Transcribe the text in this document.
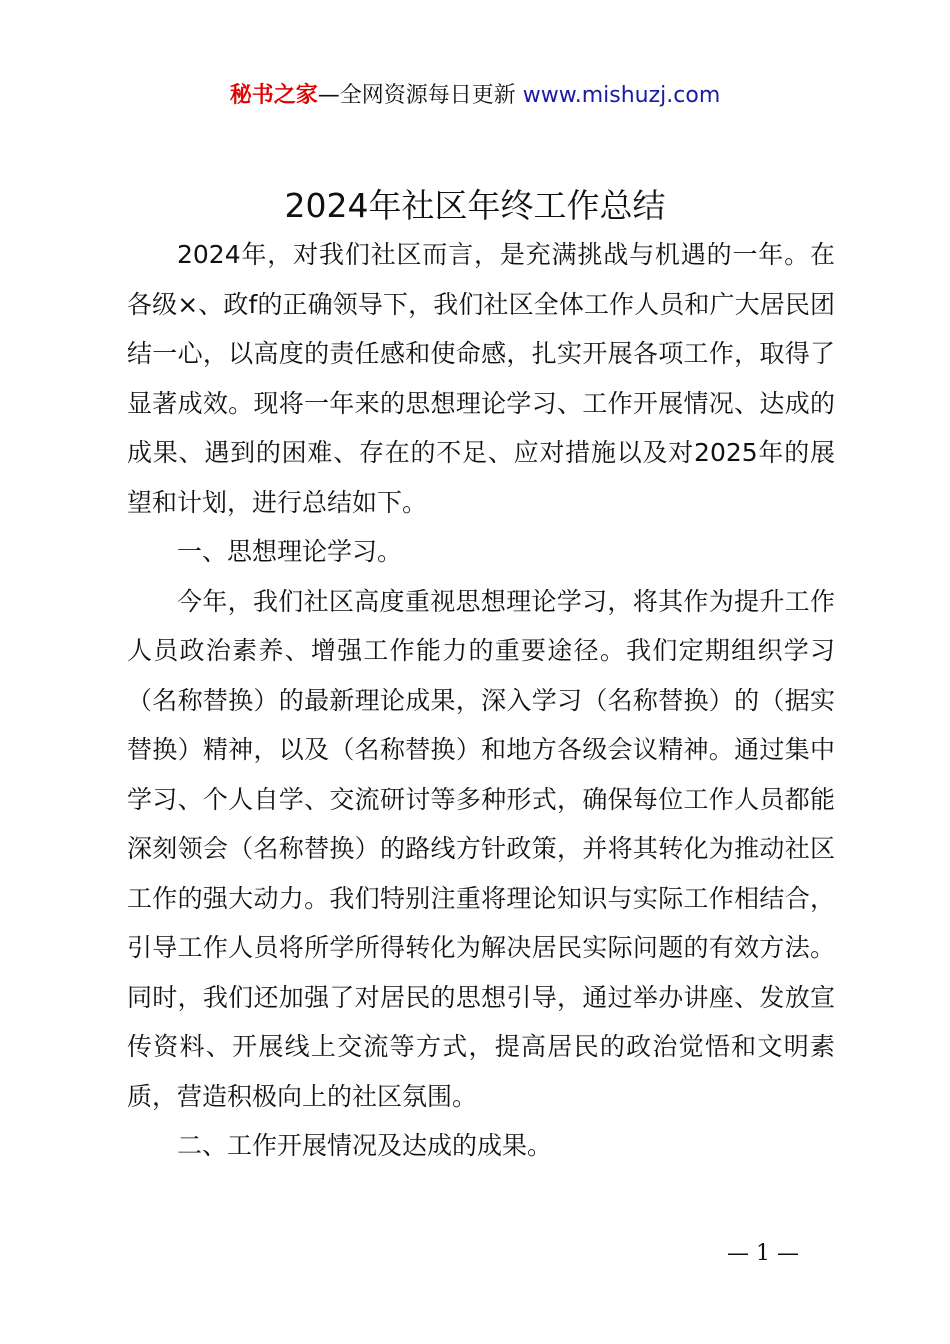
秘书之家—全网资源每日更新 www.mishuzj.com
2024年社区年终工作总结

2024年，对我们社区而言，是充满挑战与机遇的一年。在各级×、政f的正确领导下，我们社区全体工作人员和广大居民团结一心，以高度的责任感和使命感，扎实开展各项工作，取得了显著成效。现将一年来的思想理论学习、工作开展情况、达成的成果、遇到的困难、存在的不足、应对措施以及对2025年的展望和计划，进行总结如下。

一、思想理论学习。

今年，我们社区高度重视思想理论学习，将其作为提升工作人员政治素养、增强工作能力的重要途径。我们定期组织学习（名称替换）的最新理论成果，深入学习（名称替换）的（据实替换）精神，以及（名称替换）和地方各级会议精神。通过集中学习、个人自学、交流研讨等多种形式，确保每位工作人员都能深刻领会（名称替换）的路线方针政策，并将其转化为推动社区工作的强大动力。我们特别注重将理论知识与实际工作相结合，引导工作人员将所学所得转化为解决居民实际问题的有效方法。同时，我们还加强了对居民的思想引导，通过举办讲座、发放宣传资料、开展线上交流等方式，提高居民的政治觉悟和文明素质，营造积极向上的社区氛围。

二、工作开展情况及达成的成果。

— 1 —
